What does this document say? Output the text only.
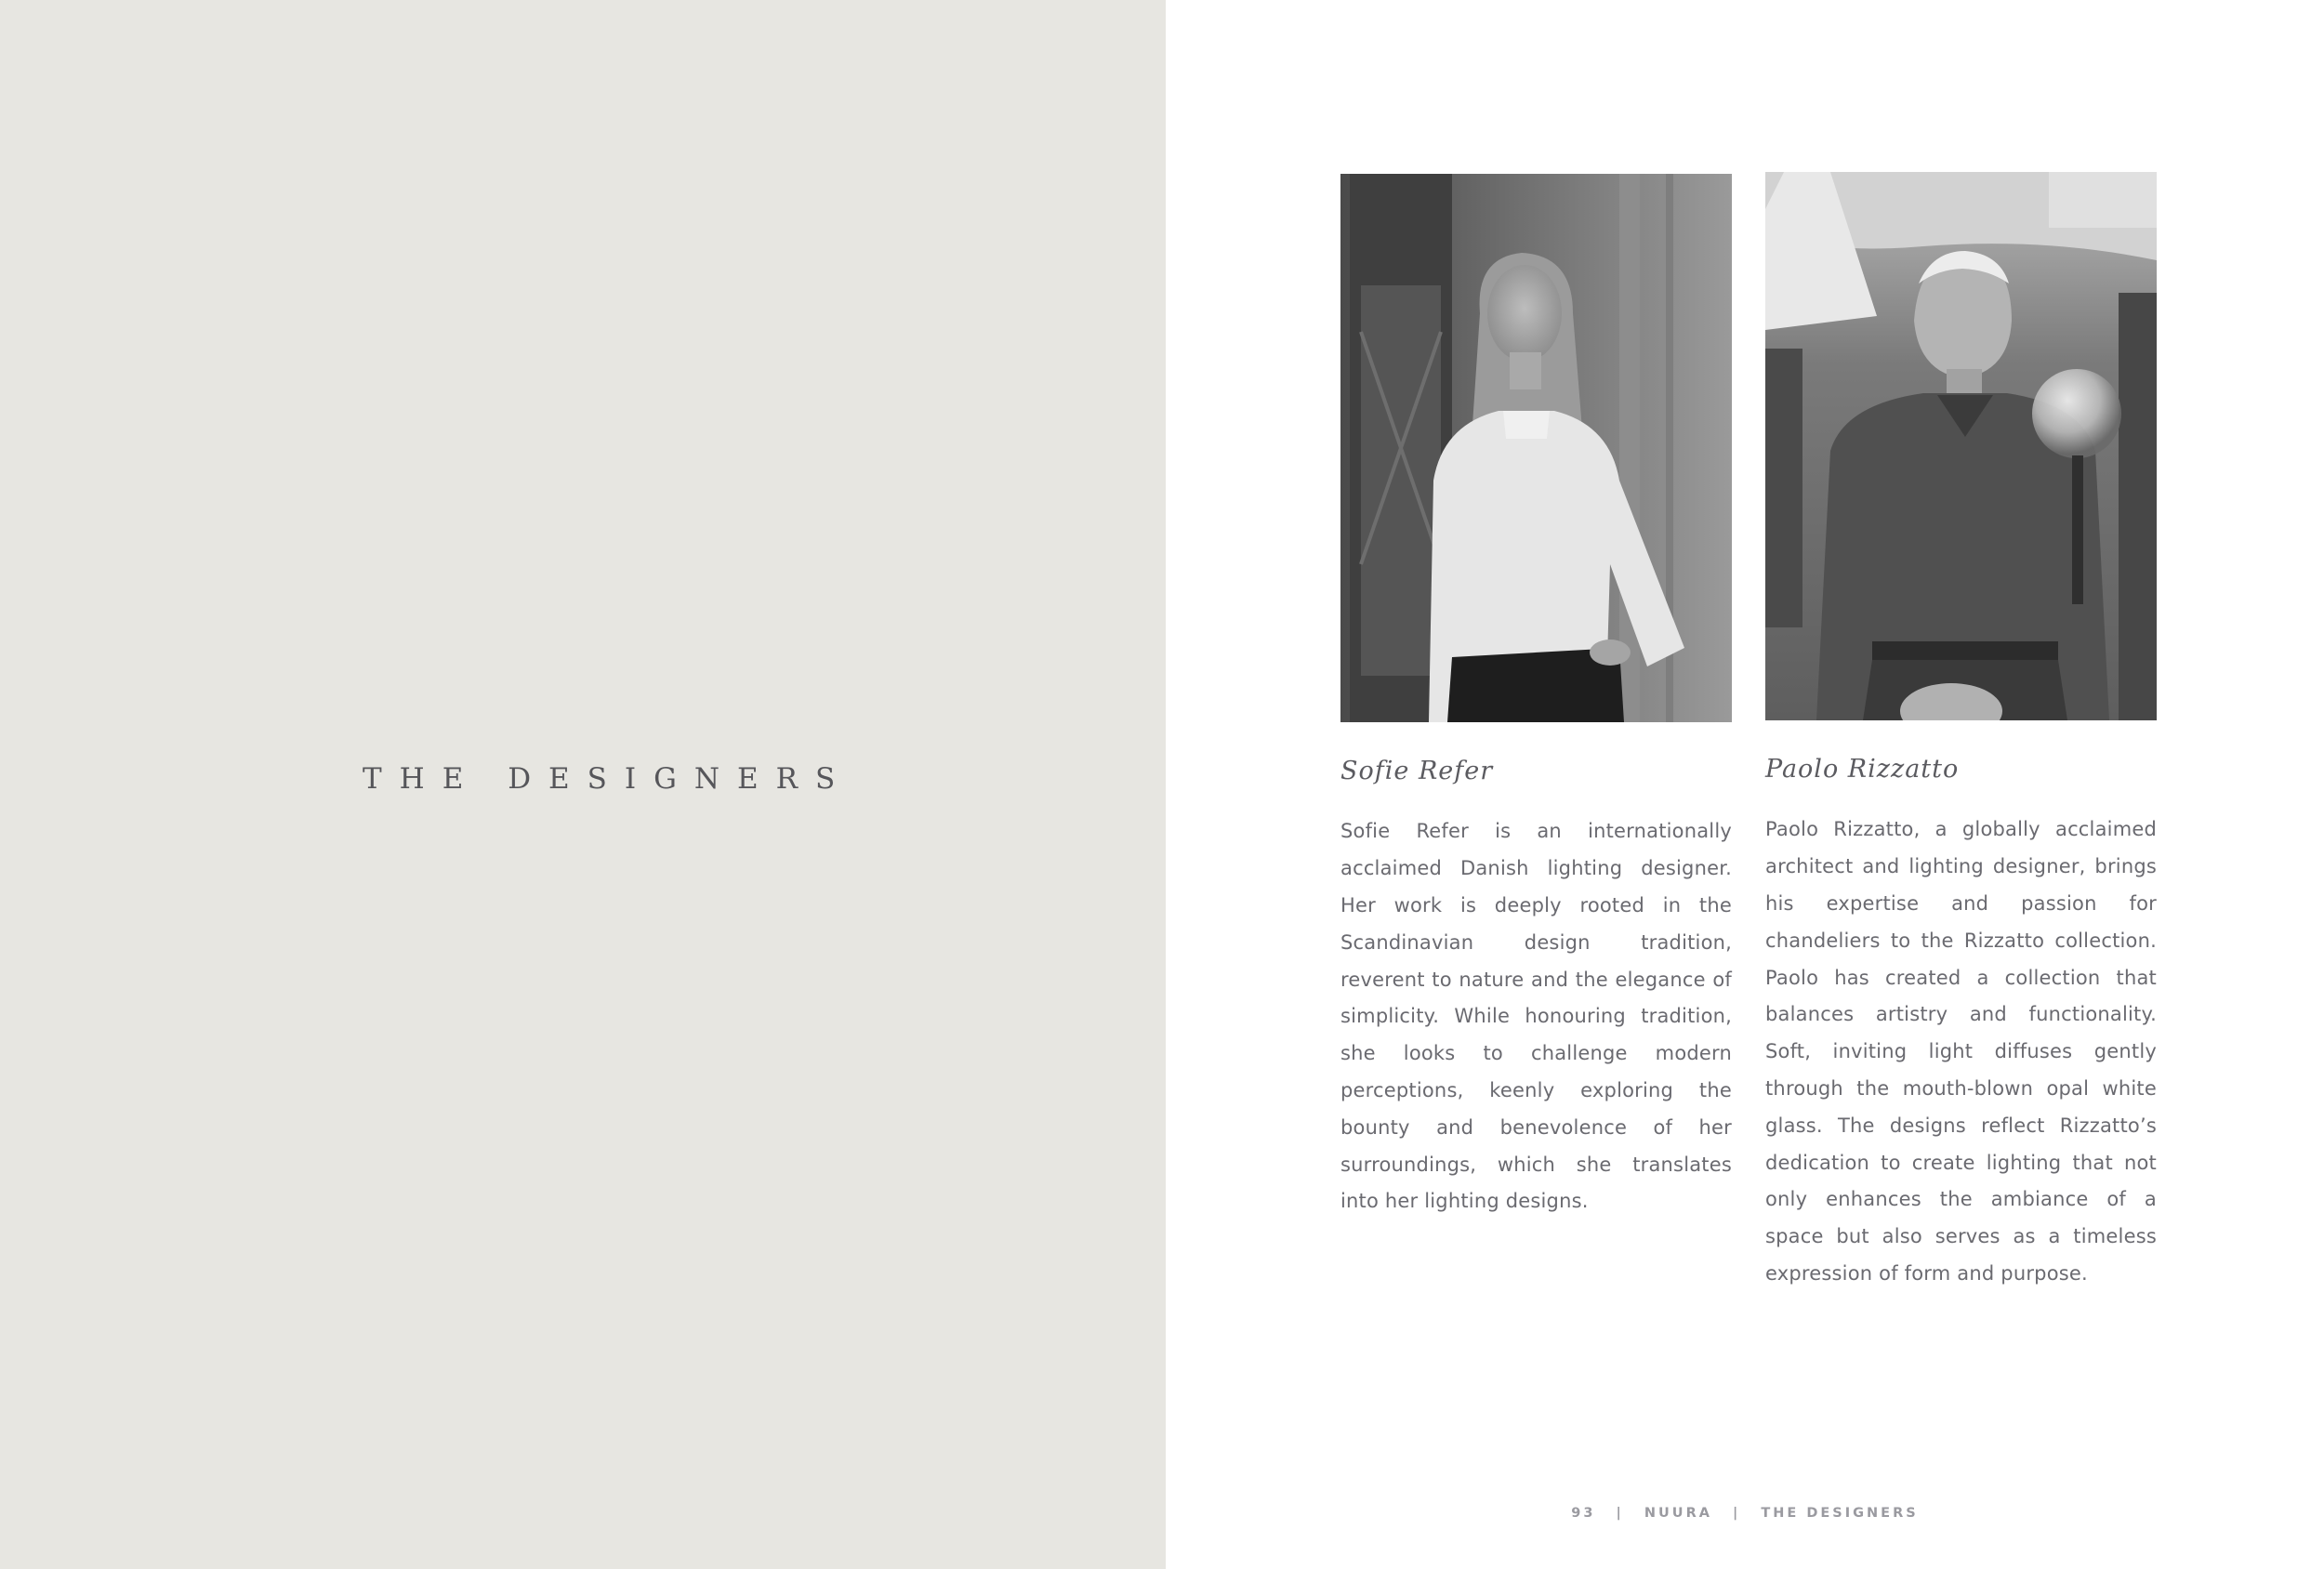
THE DESIGNERS	Sofie Refer

Sofie Refer is an internationally acclaimed Danish lighting designer. Her work is deeply rooted in the Scandinavian design tradition, reverent to nature and the elegance of simplicity. While honouring tradition, she looks to challenge modern perceptions, keenly exploring the bounty and benevolence of her surroundings, which she translates into her lighting designs.

Paolo Rizzatto

Paolo Rizzatto, a globally acclaimed architect and lighting designer, brings his expertise and passion for chandeliers to the Rizzatto collection. Paolo has created a collection that balances artistry and functionality. Soft, inviting light diffuses gently through the mouth-blown opal white glass. The designs reflect Rizzatto’s dedication to create lighting that not only enhances the ambiance of a space but also serves as a timeless expression of form and purpose.

93 | NUURA | THE DESIGNERS
